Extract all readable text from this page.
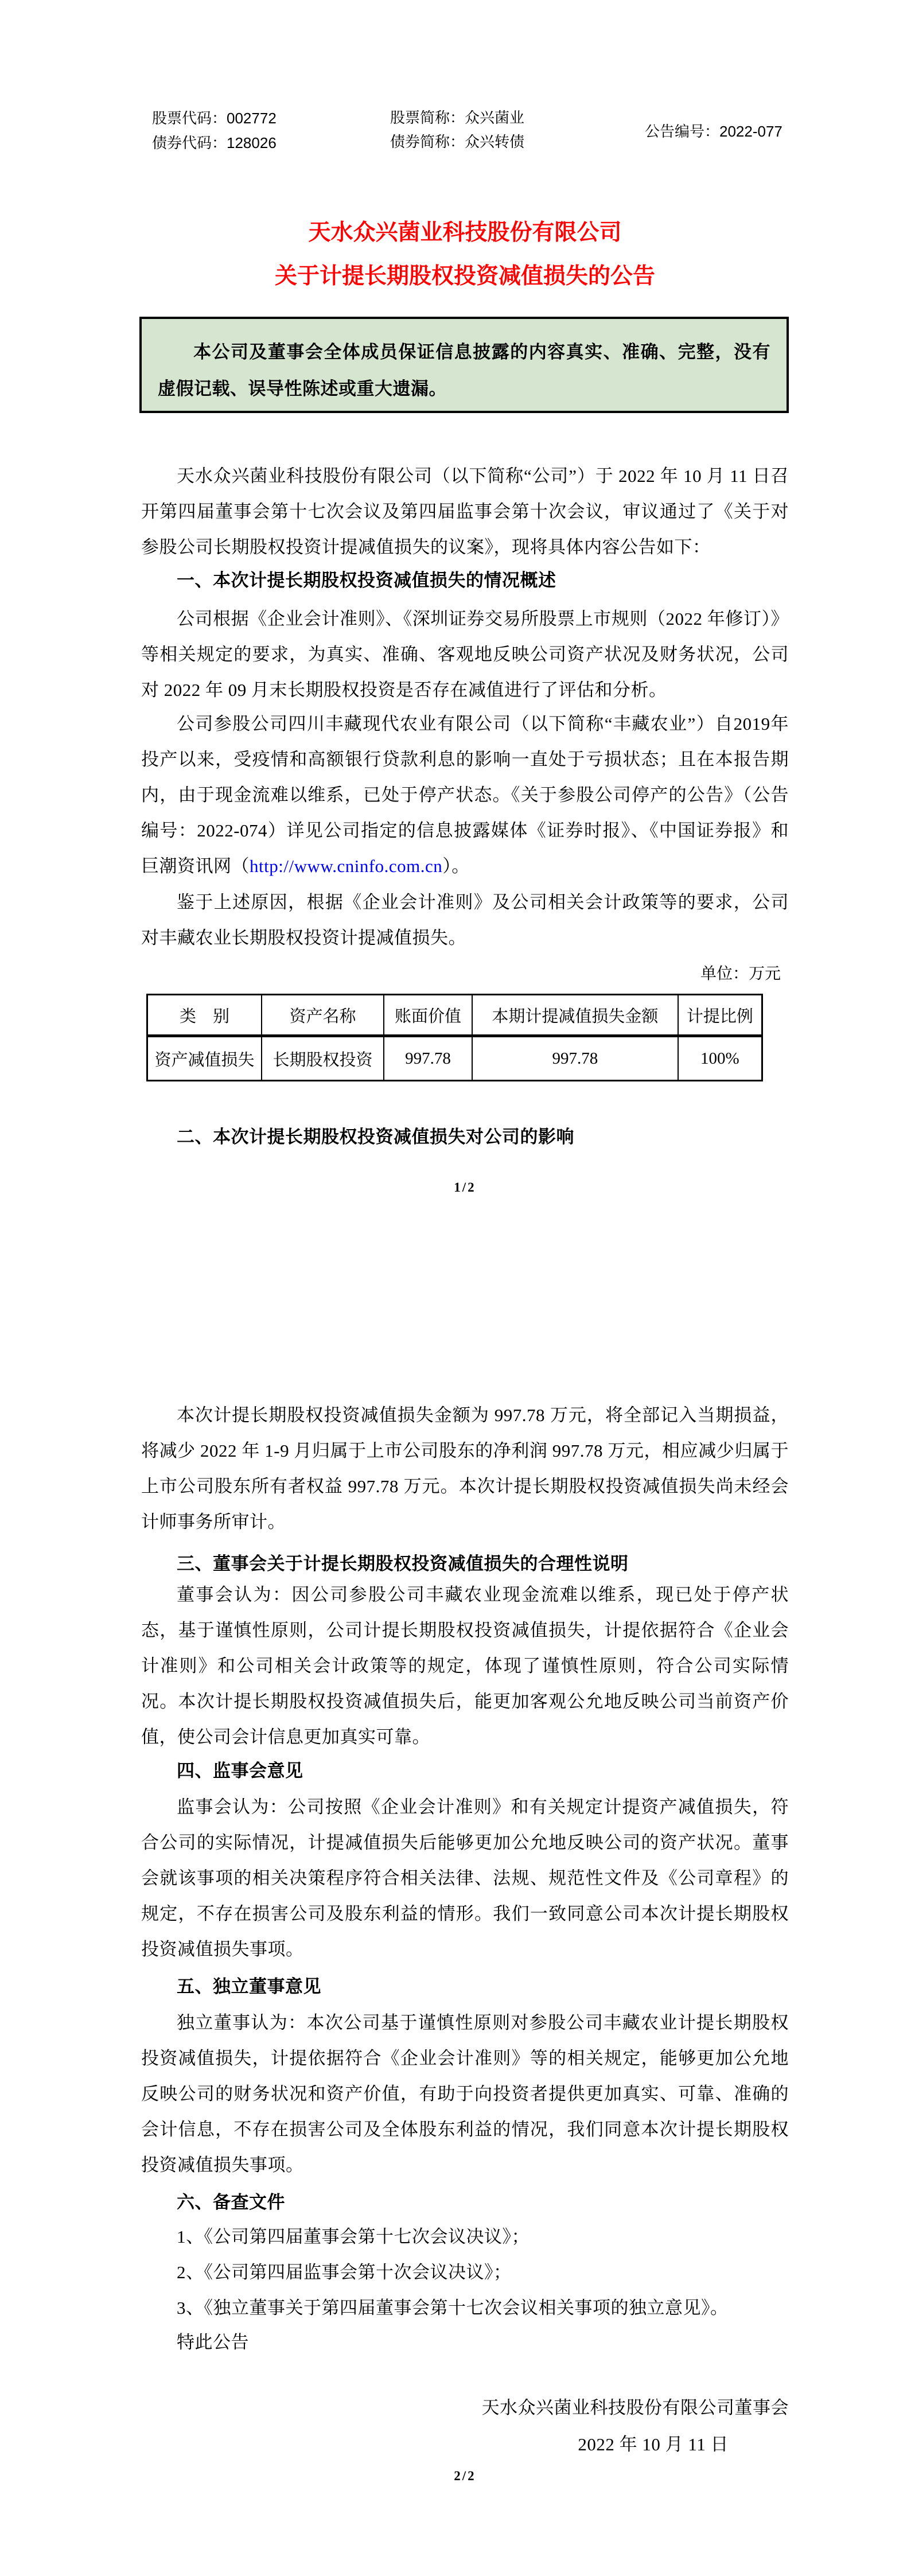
股票代码：002772
债券代码：128026
股票简称：众兴菌业
债券简称：众兴转债
公告编号：2022-077
天水众兴菌业科技股份有限公司
关于计提长期股权投资减值损失的公告

本公司及董事会全体成员保证信息披露的内容真实、准确、完整，没有虚假记载、误导性陈述或重大遗漏。

天水众兴菌业科技股份有限公司（以下简称“公司”）于 2022 年 10 月 11 日召开第四届董事会第十七次会议及第四届监事会第十次会议，审议通过了《关于对参股公司长期股权投资计提减值损失的议案》，现将具体内容公告如下：

一、本次计提长期股权投资减值损失的情况概述

公司根据《企业会计准则》、《深圳证券交易所股票上市规则（2022 年修订）》等相关规定的要求，为真实、准确、客观地反映公司资产状况及财务状况，公司对 2022 年 09 月末长期股权投资是否存在减值进行了评估和分析。

公司参股公司四川丰藏现代农业有限公司（以下简称“丰藏农业”）自2019年投产以来，受疫情和高额银行贷款利息的影响一直处于亏损状态；且在本报告期内，由于现金流难以维系，已处于停产状态。《关于参股公司停产的公告》（公告编号：2022-074）详见公司指定的信息披露媒体《证券时报》、《中国证券报》和巨潮资讯网（http://www.cninfo.com.cn）。

鉴于上述原因，根据《企业会计准则》及公司相关会计政策等的要求，公司对丰藏农业长期股权投资计提减值损失。

单位：万元
类　别	资产名称	账面价值	本期计提减值损失金额	计提比例
资产减值损失	长期股权投资	997.78	997.78	100%
二、本次计提长期股权投资减值损失对公司的影响
1/2

本次计提长期股权投资减值损失金额为 997.78 万元，将全部记入当期损益，将减少 2022 年 1-9 月归属于上市公司股东的净利润 997.78 万元，相应减少归属于上市公司股东所有者权益 997.78 万元。本次计提长期股权投资减值损失尚未经会计师事务所审计。

三、董事会关于计提长期股权投资减值损失的合理性说明

董事会认为：因公司参股公司丰藏农业现金流难以维系，现已处于停产状态，基于谨慎性原则，公司计提长期股权投资减值损失，计提依据符合《企业会计准则》和公司相关会计政策等的规定，体现了谨慎性原则，符合公司实际情况。本次计提长期股权投资减值损失后，能更加客观公允地反映公司当前资产价值，使公司会计信息更加真实可靠。

四、监事会意见

监事会认为：公司按照《企业会计准则》和有关规定计提资产减值损失，符合公司的实际情况，计提减值损失后能够更加公允地反映公司的资产状况。董事会就该事项的相关决策程序符合相关法律、法规、规范性文件及《公司章程》的规定，不存在损害公司及股东利益的情形。我们一致同意公司本次计提长期股权投资减值损失事项。

五、独立董事意见

独立董事认为：本次公司基于谨慎性原则对参股公司丰藏农业计提长期股权投资减值损失，计提依据符合《企业会计准则》等的相关规定，能够更加公允地反映公司的财务状况和资产价值，有助于向投资者提供更加真实、可靠、准确的会计信息，不存在损害公司及全体股东利益的情况，我们同意本次计提长期股权投资减值损失事项。

六、备查文件
1、《公司第四届董事会第十七次会议决议》；
2、《公司第四届监事会第十次会议决议》；
3、《独立董事关于第四届董事会第十七次会议相关事项的独立意见》。
特此公告
天水众兴菌业科技股份有限公司董事会
2022 年 10 月 11 日
2/2
